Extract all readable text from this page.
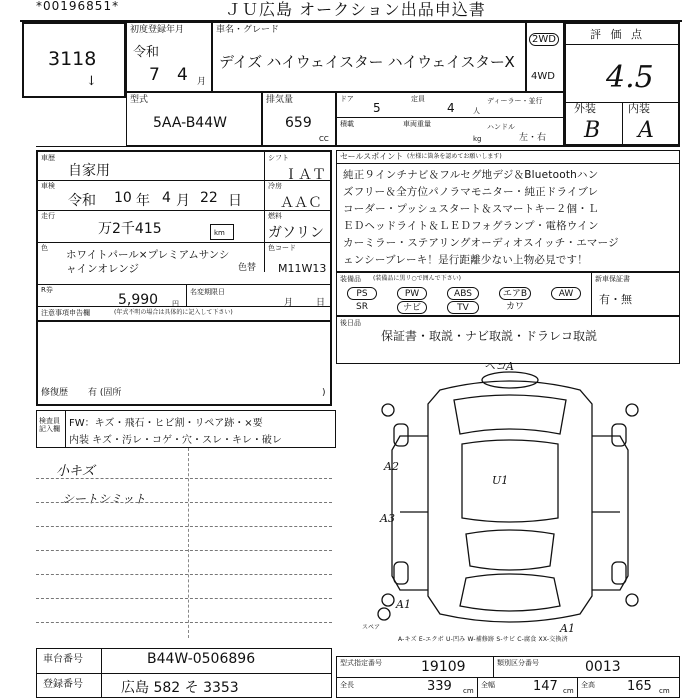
*00196851*	ＪＵ広島 オークション出品申込書
3118
↓
初度登録年月
令和
7 4 月
車名・グレード
デイズ ハイウェイスター ハイウェイスターX
2WD
4WD
評 価 点
4.5
外装	内装
B A
型式
5AA-B44W
排気量
659
CC
ドア
5
定員
4	人
ディーラー・並行
積載	車両重量
kg
ハンドル
左・右
車歴
自家用
シフト
ＩＡＴ
車検
令和 10 年 4 月 22 日
冷房
ＡＡＣ
走行
万2千415	km
燃料
ガソリン
色
ホワイトパール×プレミアムサンシャインオレンジ	色替
色コード
M11W13
R券
5,990 円
名変期限日
月	日
注意事項申告欄	(年式不明の場合は具体的に記入して下さい)
修復歴 有 (固所	)
セールスポイント (左様に箇条を認めてお願いします)
純正９インチナビ＆フルセグ地デジ＆Bluetoothハン
ズフリー＆全方位パノラマモニター・純正ドライブレ
コーダー・プッシュスタート＆スマートキー２個・Ｌ
ＥＤヘッドライト＆ＬＥＤフォグランプ・電格ウイン
カーミラー・ステアリングオーディオスイッチ・エマージ
ェンシーブレーキ！是行距離少ない上物必見です！
装備品 (装備品に黒リ○で囲んで下さい)	新車保証書
有・無
PS	PW	ABS	エアB	AW
SR	ナビ	TV	カワ
後日品
保証書・取説・ナビ取説・ドラレコ取説
検査員記入欄 FW：キズ・飛石・ヒビ割・リペア跡・×要
内装 キズ・汚レ・コゲ・穴・スレ・キレ・破レ
小キズ
シートシミット
ヘコA
A2
A3
A1
A1
U1
スペア
A-キズ E-エクボ U-凹み W-補修跡 S-サビ C-腐食 XX-交換済
車台番号	B44W-0506896
登録番号	広島 582 そ 3353
型式指定番号	19109	類別区分番号	0013
全長	339 cm
全幅	147 cm
全高 165 cm
